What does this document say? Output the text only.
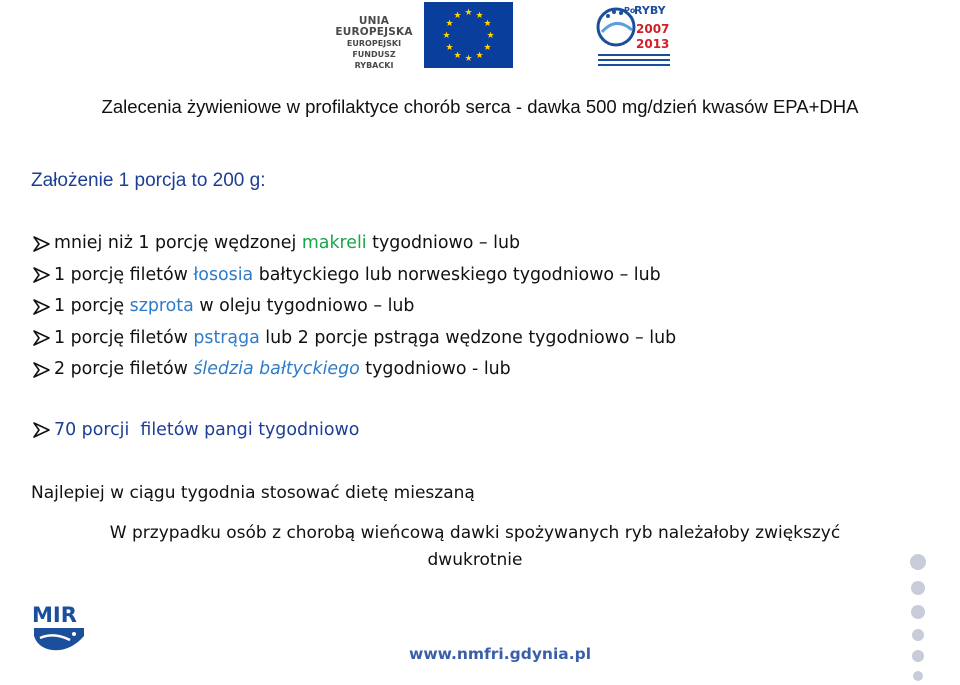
UNIA EUROPEJSKA
EUROPEJSKI FUNDUSZ
RYBACKI
★ ★
★
★
★
★
★
★
★
★
★
★
Po
RYBY
2007
2013
Zalecenia żywieniowe w profilaktyce chorób serca - dawka 500 mg/dzień kwasów EPA+DHA
Założenie 1 porcja to 200 g:
mniej niż 1 porcję wędzonej makreli tygodniowo – lub
1 porcję filetów łososia bałtyckiego lub norweskiego tygodniowo – lub
1 porcję szprota w oleju tygodniowo – lub
1 porcję filetów pstrąga lub 2 porcje pstrąga wędzone tygodniowo – lub
2 porcje filetów śledzia bałtyckiego tygodniowo - lub
70 porcji  filetów pangi tygodniowo
Najlepiej w ciągu tygodnia stosować dietę mieszaną
W przypadku osób z chorobą wieńcową dawki spożywanych ryb należałoby zwiększyć dwukrotnie
MIR
www.nmfri.gdynia.pl
